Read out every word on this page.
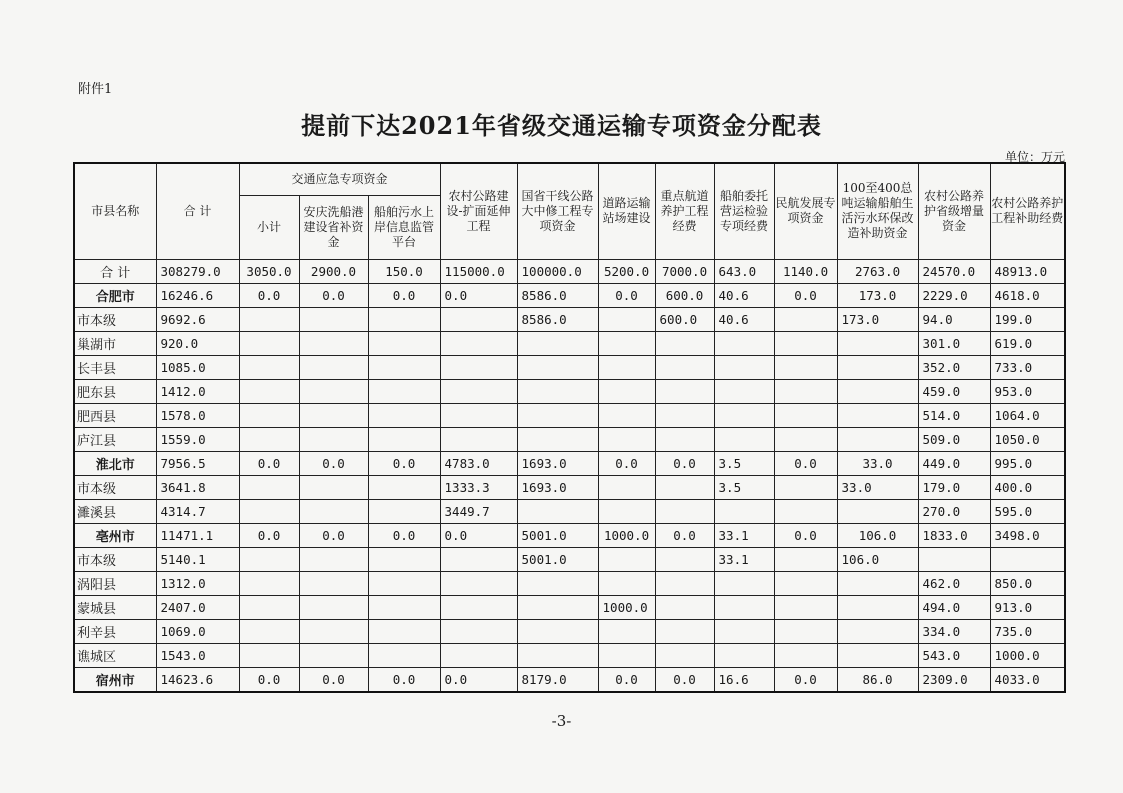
附件1
提前下达2021年省级交通运输专项资金分配表
单位：万元
市县名称	合 计	交通应急专项资金			农村公路建设-扩面延伸工程	国省干线公路大中修工程专项资金	道路运输站场建设	重点航道养护工程经费	船舶委托营运检验专项经费	民航发展专项资金	100至400总吨运输船舶生活污水环保改造补助资金	农村公路养护省级增量资金	农村公路养护工程补助经费
		小计	安庆洗船港建设省补资金	船舶污水上岸信息监管平台									
合 计	308279.0	3050.0	2900.0	150.0	115000.0	100000.0	5200.0	7000.0	643.0	1140.0	2763.0	24570.0	48913.0
合肥市	16246.6	0.0	0.0	0.0	0.0	8586.0	0.0	600.0	40.6	0.0	173.0	2229.0	4618.0
市本级	9692.6					8586.0		600.0	40.6		173.0	94.0	199.0
巢湖市	920.0											301.0	619.0
长丰县	1085.0											352.0	733.0
肥东县	1412.0											459.0	953.0
肥西县	1578.0											514.0	1064.0
庐江县	1559.0											509.0	1050.0
淮北市	7956.5	0.0	0.0	0.0	4783.0	1693.0	0.0	0.0	3.5	0.0	33.0	449.0	995.0
市本级	3641.8				1333.3	1693.0			3.5		33.0	179.0	400.0
濉溪县	4314.7				3449.7							270.0	595.0
亳州市	11471.1	0.0	0.0	0.0	0.0	5001.0	1000.0	0.0	33.1	0.0	106.0	1833.0	3498.0
市本级	5140.1					5001.0			33.1		106.0		
涡阳县	1312.0											462.0	850.0
蒙城县	2407.0						1000.0					494.0	913.0
利辛县	1069.0											334.0	735.0
谯城区	1543.0											543.0	1000.0
宿州市	14623.6	0.0	0.0	0.0	0.0	8179.0	0.0	0.0	16.6	0.0	86.0	2309.0	4033.0
-3-
